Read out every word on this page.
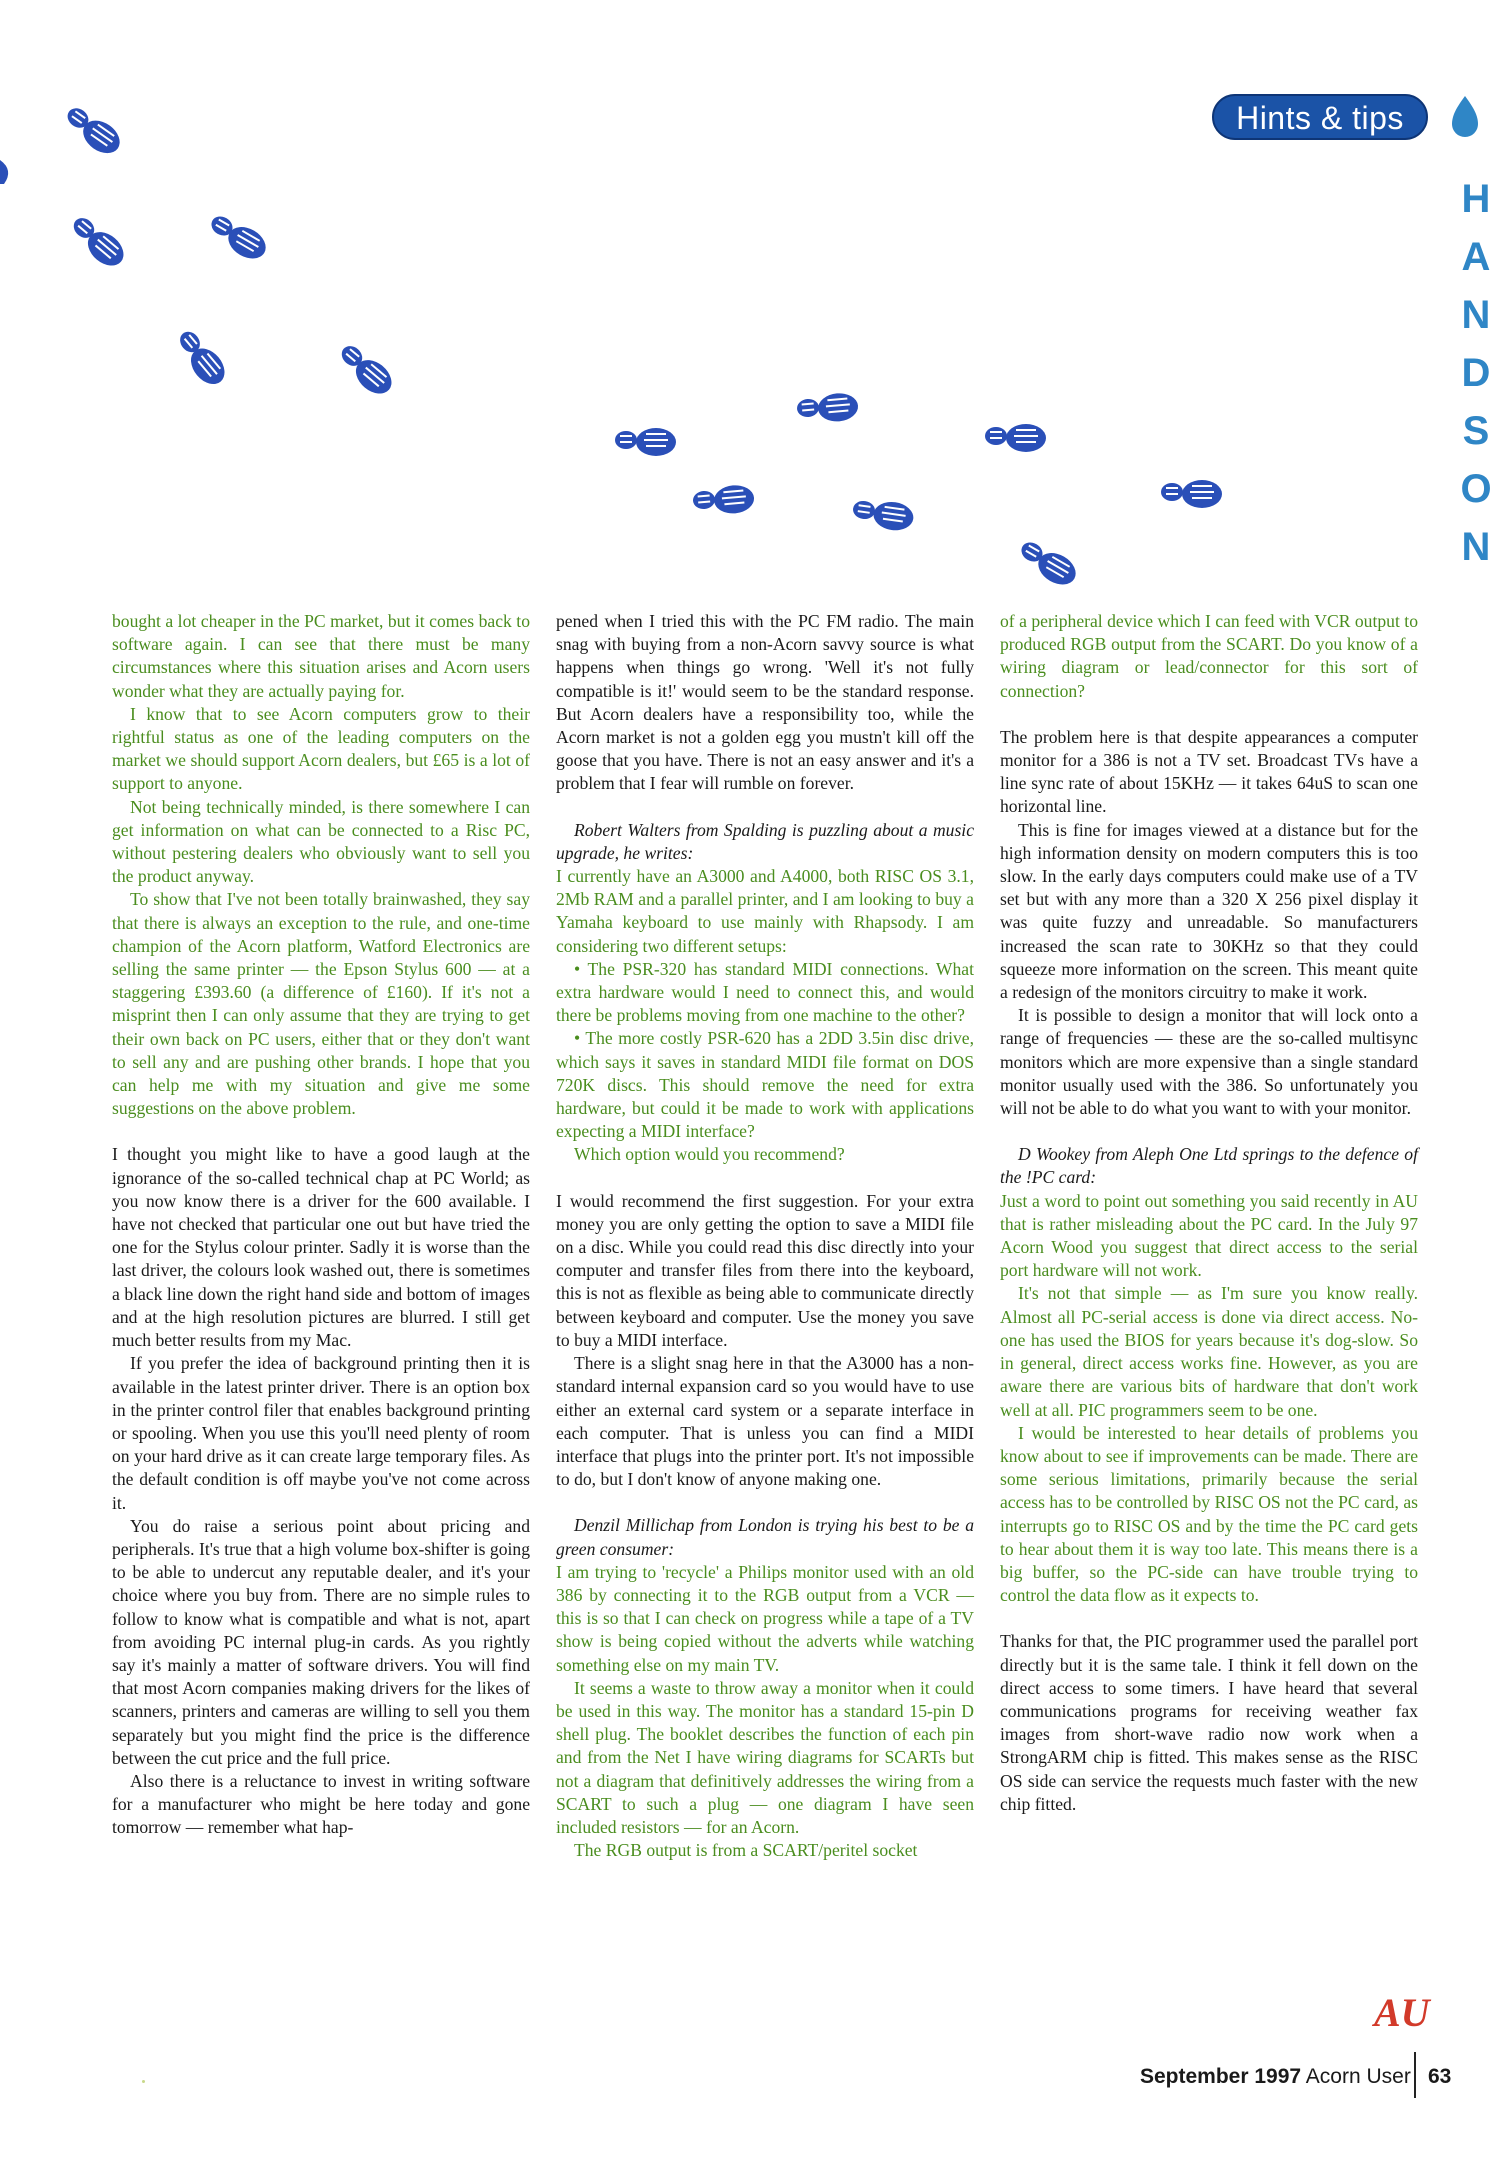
Hints & tips
H
A
N
D
S
O
N

bought a lot cheaper in the PC market, but it comes back to software again. I can see that there must be many circumstances where this situation arises and Acorn users wonder what they are actually paying for.

I know that to see Acorn computers grow to their rightful status as one of the leading computers on the market we should support Acorn dealers, but £65 is a lot of support to anyone.

Not being technically minded, is there somewhere I can get information on what can be connected to a Risc PC, without pestering dealers who obviously want to sell you the product anyway.

To show that I've not been totally brainwashed, they say that there is always an exception to the rule, and one-time champion of the Acorn platform, Watford Electronics are selling the same printer — the Epson Stylus 600 — at a staggering £393.60 (a difference of £160). If it's not a misprint then I can only assume that they are trying to get their own back on PC users, either that or they don't want to sell any and are pushing other brands. I hope that you can help me with my situation and give me some suggestions on the above problem.

I thought you might like to have a good laugh at the ignorance of the so-called technical chap at PC World; as you now know there is a driver for the 600 available. I have not checked that particular one out but have tried the one for the Stylus colour printer. Sadly it is worse than the last driver, the colours look washed out, there is sometimes a black line down the right hand side and bottom of images and at the high resolution pictures are blurred. I still get much better results from my Mac.

If you prefer the idea of background printing then it is available in the latest printer driver. There is an option box in the printer control filer that enables background printing or spooling. When you use this you'll need plenty of room on your hard drive as it can create large temporary files. As the default condition is off maybe you've not come across it.

You do raise a serious point about pricing and peripherals. It's true that a high volume box-shifter is going to be able to undercut any reputable dealer, and it's your choice where you buy from. There are no simple rules to follow to know what is compatible and what is not, apart from avoiding PC internal plug-in cards. As you rightly say it's mainly a matter of software drivers. You will find that most Acorn companies making drivers for the likes of scanners, printers and cameras are willing to sell you them separately but you might find the price is the difference between the cut price and the full price.

Also there is a reluctance to invest in writing software for a manufacturer who might be here today and gone tomorrow — remember what hap-

pened when I tried this with the PC FM radio. The main snag with buying from a non-Acorn savvy source is what happens when things go wrong. 'Well it's not fully compatible is it!' would seem to be the standard response. But Acorn dealers have a responsibility too, while the Acorn market is not a golden egg you mustn't kill off the goose that you have. There is not an easy answer and it's a problem that I fear will rumble on forever.

Robert Walters from Spalding is puzzling about a music upgrade, he writes:

I currently have an A3000 and A4000, both RISC OS 3.1, 2Mb RAM and a parallel printer, and I am looking to buy a Yamaha keyboard to use mainly with Rhapsody. I am considering two different setups:

• The PSR-320 has standard MIDI connections. What extra hardware would I need to connect this, and would there be problems moving from one machine to the other?

• The more costly PSR-620 has a 2DD 3.5in disc drive, which says it saves in standard MIDI file format on DOS 720K discs. This should remove the need for extra hardware, but could it be made to work with applications expecting a MIDI interface?

Which option would you recommend?

I would recommend the first suggestion. For your extra money you are only getting the option to save a MIDI file on a disc. While you could read this disc directly into your computer and transfer files from there into the keyboard, this is not as flexible as being able to communicate directly between keyboard and computer. Use the money you save to buy a MIDI interface.

There is a slight snag here in that the A3000 has a non-standard internal expansion card so you would have to use either an external card system or a separate interface in each computer. That is unless you can find a MIDI interface that plugs into the printer port. It's not impossible to do, but I don't know of anyone making one.

Denzil Millichap from London is trying his best to be a green consumer:

I am trying to 'recycle' a Philips monitor used with an old 386 by connecting it to the RGB output from a VCR — this is so that I can check on progress while a tape of a TV show is being copied without the adverts while watching something else on my main TV.

It seems a waste to throw away a monitor when it could be used in this way. The monitor has a standard 15-pin D shell plug. The booklet describes the function of each pin and from the Net I have wiring diagrams for SCARTs but not a diagram that definitively addresses the wiring from a SCART to such a plug — one diagram I have seen included resistors — for an Acorn.

The RGB output is from a SCART/peritel socket

of a peripheral device which I can feed with VCR output to produced RGB output from the SCART. Do you know of a wiring diagram or lead/connector for this sort of connection?

The problem here is that despite appearances a computer monitor for a 386 is not a TV set. Broadcast TVs have a line sync rate of about 15KHz — it takes 64uS to scan one horizontal line.

This is fine for images viewed at a distance but for the high information density on modern computers this is too slow. In the early days computers could make use of a TV set but with any more than a 320 X 256 pixel display it was quite fuzzy and unreadable. So manufacturers increased the scan rate to 30KHz so that they could squeeze more information on the screen. This meant quite a redesign of the monitors circuitry to make it work.

It is possible to design a monitor that will lock onto a range of frequencies — these are the so-called multisync monitors which are more expensive than a single standard monitor usually used with the 386. So unfortunately you will not be able to do what you want to with your monitor.

D Wookey from Aleph One Ltd springs to the defence of the !PC card:

Just a word to point out something you said recently in AU that is rather misleading about the PC card. In the July 97 Acorn Wood you suggest that direct access to the serial port hardware will not work.

It's not that simple — as I'm sure you know really. Almost all PC-serial access is done via direct access. No-one has used the BIOS for years because it's dog-slow. So in general, direct access works fine. However, as you are aware there are various bits of hardware that don't work well at all. PIC programmers seem to be one.

I would be interested to hear details of problems you know about to see if improvements can be made. There are some serious limitations, primarily because the serial access has to be controlled by RISC OS not the PC card, as interrupts go to RISC OS and by the time the PC card gets to hear about them it is way too late. This means there is a big buffer, so the PC-side can have trouble trying to control the data flow as it expects to.

Thanks for that, the PIC programmer used the parallel port directly but it is the same tale. I think it fell down on the direct access to some timers. I have heard that several communications programs for receiving weather fax images from short-wave radio now work when a StrongARM chip is fitted. This makes sense as the RISC OS side can service the requests much faster with the new chip fitted.

AU
September 1997 Acorn User 63
